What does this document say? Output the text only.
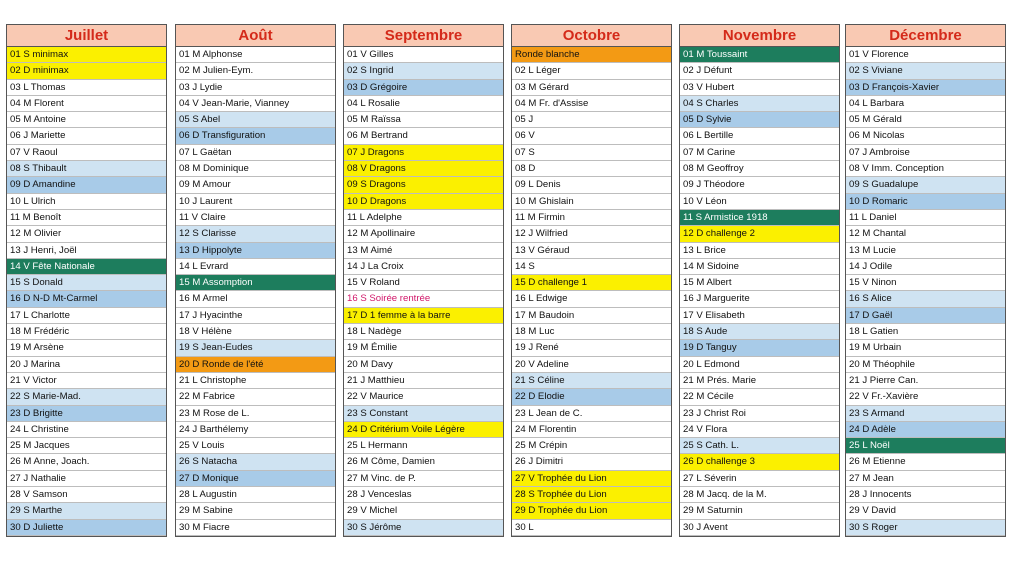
Juillet
01 S minimax
02 D minimax
03 L Thomas
04 M Florent
05 M Antoine
06 J Mariette
07 V Raoul
08 S Thibault
09 D Amandine
10 L Ulrich
11 M Benoît
12 M Olivier
13 J Henri, Joël
14 V Fête Nationale
15 S Donald
16 D N-D Mt-Carmel
17 L Charlotte
18 M Frédéric
19 M Arsène
20 J Marina
21 V Victor
22 S Marie-Mad.
23 D Brigitte
24 L Christine
25 M Jacques
26 M Anne, Joach.
27 J Nathalie
28 V Samson
29 S Marthe
30 D Juliette
Août
01 M Alphonse
02 M Julien-Eym.
03 J Lydie
04 V Jean-Marie, Vianney
05 S Abel
06 D Transfiguration
07 L Gaëtan
08 M Dominique
09 M Amour
10 J Laurent
11 V Claire
12 S Clarisse
13 D Hippolyte
14 L Evrard
15 M Assomption
16 M Armel
17 J Hyacinthe
18 V Hélène
19 S Jean-Eudes
20 D Ronde de l'été
21 L Christophe
22 M Fabrice
23 M Rose de L.
24 J Barthélemy
25 V Louis
26 S Natacha
27 D Monique
28 L Augustin
29 M Sabine
30 M Fiacre
Septembre
01 V Gilles
02 S Ingrid
03 D Grégoire
04 L Rosalie
05 M Raïssa
06 M Bertrand
07 J Dragons
08 V Dragons
09 S Dragons
10 D Dragons
11 L Adelphe
12 M Apollinaire
13 M Aimé
14 J La Croix
15 V Roland
16 S Soirée rentrée
17 D 1 femme à la barre
18 L Nadège
19 M Émilie
20 M Davy
21 J Matthieu
22 V Maurice
23 S Constant
24 D Critérium Voile Légère
25 L Hermann
26 M Côme, Damien
27 M Vinc. de P.
28 J Venceslas
29 V Michel
30 S Jérôme
Octobre
Ronde blanche
02 L Léger
03 M Gérard
04 M Fr. d'Assise
05 J
06 V
07 S
08 D
09 L Denis
10 M Ghislain
11 M Firmin
12 J Wilfried
13 V Géraud
14 S
15 D challenge 1
16 L Edwige
17 M Baudoin
18 M Luc
19 J René
20 V Adeline
21 S Céline
22 D Elodie
23 L Jean de C.
24 M Florentin
25 M Crépin
26 J Dimitri
27 V Trophée du Lion
28 S Trophée du Lion
29 D Trophée du Lion
30 L
Novembre
01 M Toussaint
02 J Défunt
03 V Hubert
04 S Charles
05 D Sylvie
06 L Bertille
07 M Carine
08 M Geoffroy
09 J Théodore
10 V Léon
11 S Armistice 1918
12 D challenge 2
13 L Brice
14 M Sidoine
15 M Albert
16 J Marguerite
17 V Elisabeth
18 S Aude
19 D Tanguy
20 L Edmond
21 M Prés. Marie
22 M Cécile
23 J Christ Roi
24 V Flora
25 S Cath. L.
26 D challenge 3
27 L Séverin
28 M Jacq. de la M.
29 M Saturnin
30 J Avent
Décembre
01 V Florence
02 S Viviane
03 D François-Xavier
04 L Barbara
05 M Gérald
06 M Nicolas
07 J Ambroise
08 V Imm. Conception
09 S Guadalupe
10 D Romaric
11 L Daniel
12 M Chantal
13 M Lucie
14 J Odile
15 V Ninon
16 S Alice
17 D Gaël
18 L Gatien
19 M Urbain
20 M Théophile
21 J Pierre Can.
22 V Fr.-Xavière
23 S Armand
24 D Adèle
25 L Noël
26 M Etienne
27 M Jean
28 J Innocents
29 V David
30 S Roger
